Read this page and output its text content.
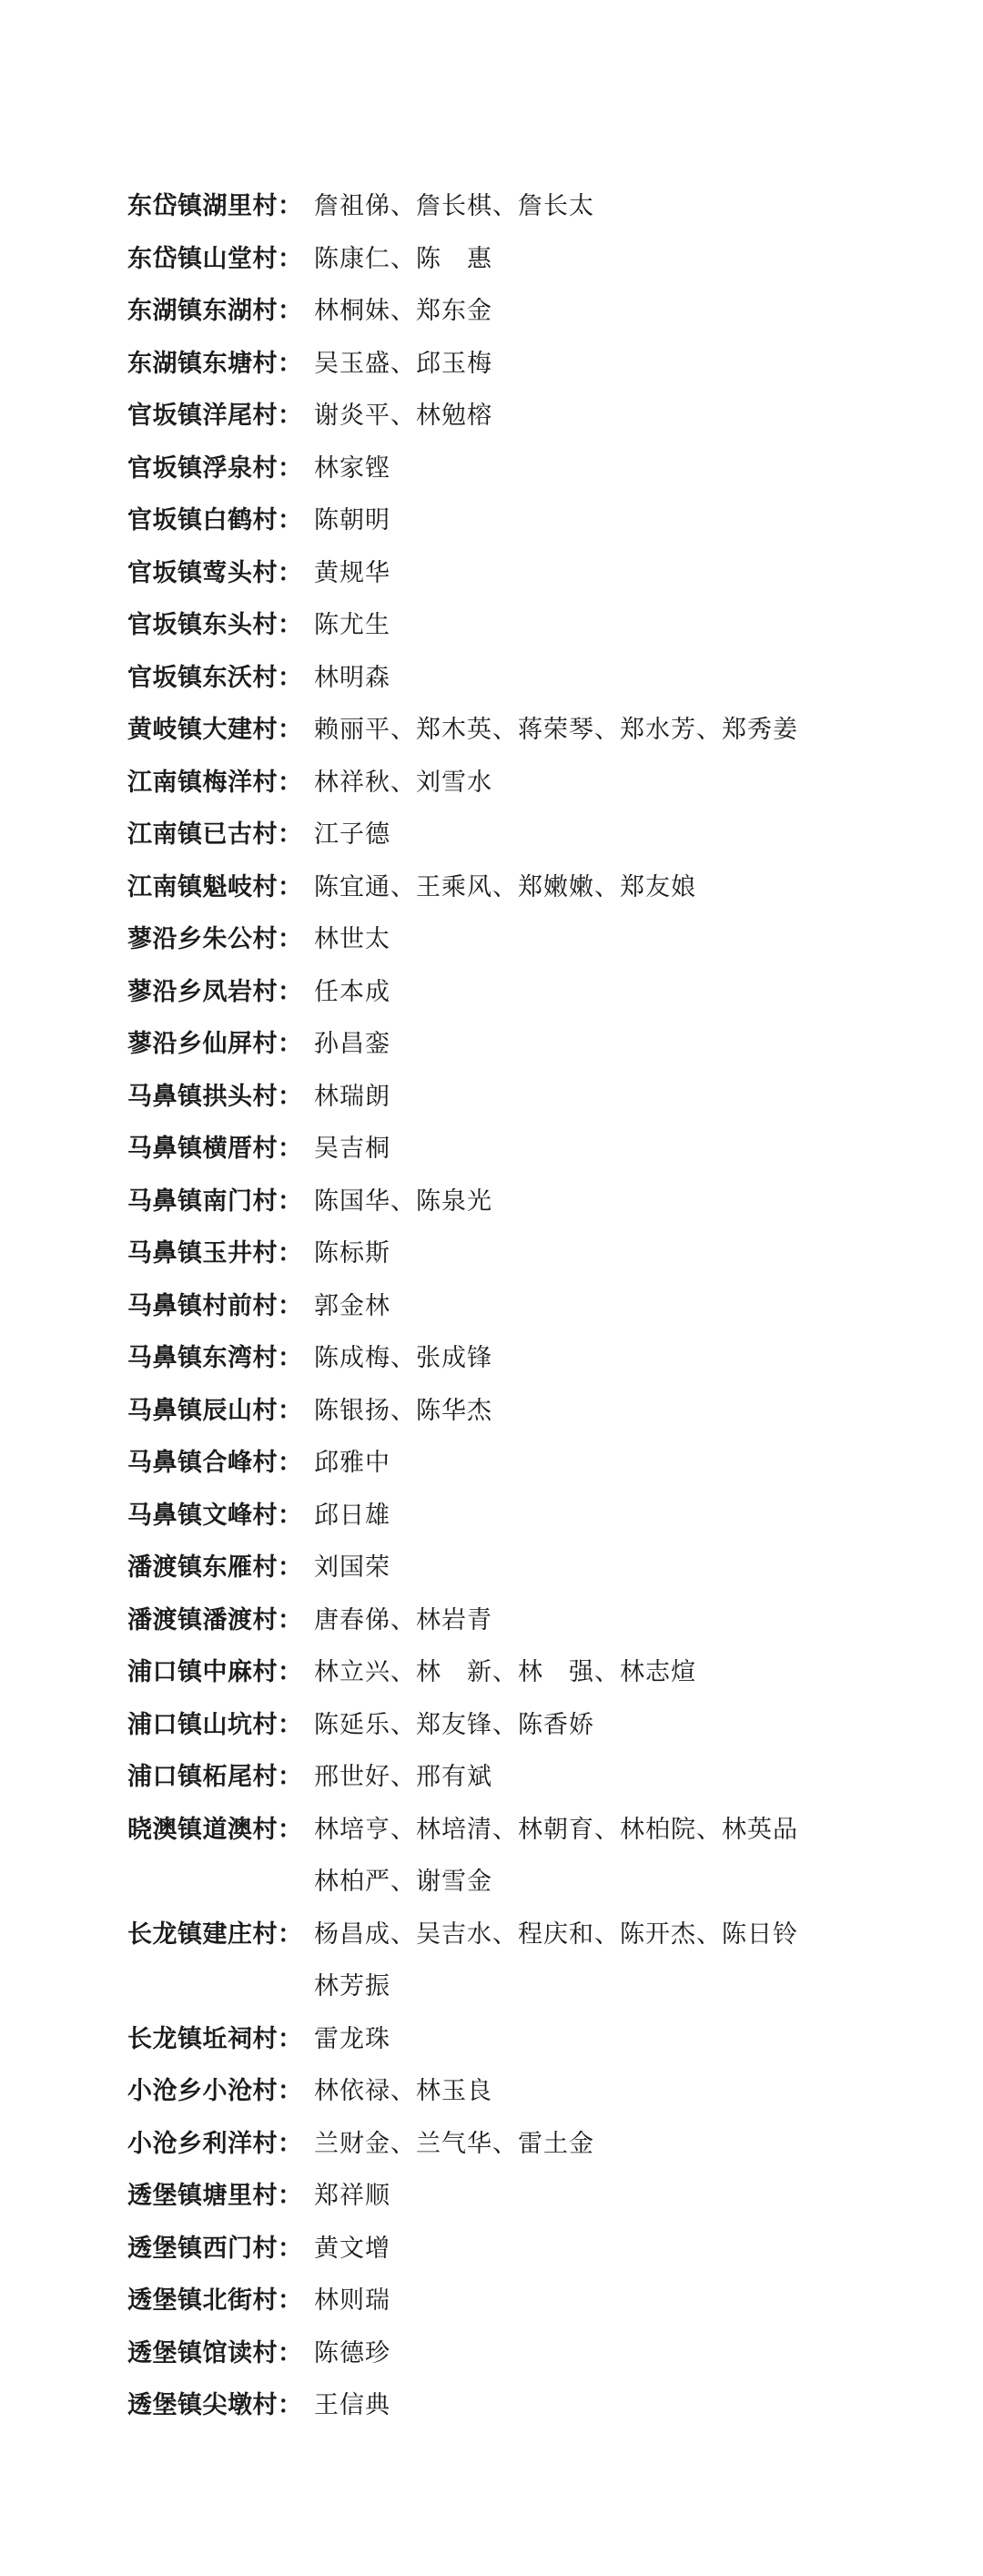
东岱镇湖里村： 詹祖俤、詹长棋、詹长太
东岱镇山堂村： 陈康仁、陈　惠
东湖镇东湖村： 林桐妹、郑东金
东湖镇东塘村： 吴玉盛、邱玉梅
官坂镇洋尾村： 谢炎平、林勉榕
官坂镇浮泉村： 林家铿
官坂镇白鹤村： 陈朝明
官坂镇莺头村： 黄规华
官坂镇东头村： 陈尤生
官坂镇东沃村： 林明森
黄岐镇大建村： 赖丽平、郑木英、蒋荣琴、郑水芳、郑秀姜
江南镇梅洋村： 林祥秋、刘雪水
江南镇已古村： 江子德
江南镇魁岐村： 陈宜通、王乘风、郑嫩嫩、郑友娘
蓼沿乡朱公村： 林世太
蓼沿乡凤岩村： 任本成
蓼沿乡仙屏村： 孙昌銮
马鼻镇拱头村： 林瑞朗
马鼻镇横厝村： 吴吉桐
马鼻镇南门村： 陈国华、陈泉光
马鼻镇玉井村： 陈标斯
马鼻镇村前村： 郭金林
马鼻镇东湾村： 陈成梅、张成锋
马鼻镇辰山村： 陈银扬、陈华杰
马鼻镇合峰村： 邱雅中
马鼻镇文峰村： 邱日雄
潘渡镇东雁村： 刘国荣
潘渡镇潘渡村： 唐春俤、林岩青
浦口镇中麻村： 林立兴、林　新、林　强、林志煊
浦口镇山坑村： 陈延乐、郑友锋、陈香娇
浦口镇柘尾村： 邢世好、邢有斌
晓澳镇道澳村： 林培亨、林培清、林朝育、林柏院、林英品
林柏严、谢雪金
长龙镇建庄村： 杨昌成、吴吉水、程庆和、陈开杰、陈日铃
林芳振
长龙镇坵祠村： 雷龙珠
小沧乡小沧村： 林依禄、林玉良
小沧乡利洋村： 兰财金、兰气华、雷土金
透堡镇塘里村： 郑祥顺
透堡镇西门村： 黄文增
透堡镇北街村： 林则瑞
透堡镇馆读村： 陈德珍
透堡镇尖墩村： 王信典
